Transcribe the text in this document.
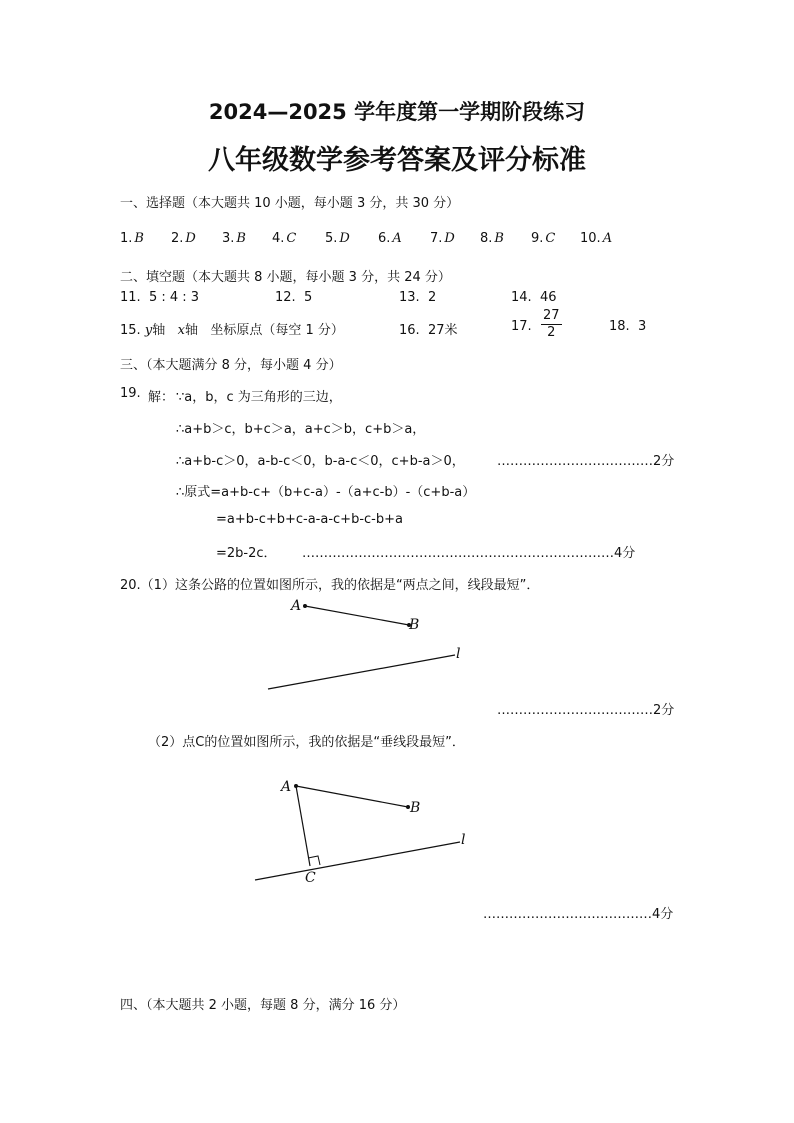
2024—2025 学年度第一学期阶段练习
八年级数学参考答案及评分标准
一、选择题（本大题共 10 小题，每小题 3 分，共 30 分）
1. B 2. D 3. B 4. C 5. D 6. A 7. D 8. B 9. C 10. A
二、填空题（本大题共 8 小题，每小题 3 分，共 24 分）
11. 5 : 4 : 3	12. 5	13. 2	14. 46
15. y轴 x轴 坐标原点（每空 1 分）	16. 27米	17. $\frac{27}{2}$	18. 3
三、（本大题满分 8 分，每小题 4 分）
19. 解： ∵a，b，c 为三角形的三边，
∴a+b＞c，b+c＞a，a+c＞b，c+b＞a，
∴a+b-c＞0，a-b-c＜0，b-a-c＜0，c+b-a＞0， ………………………………2分
∴原式=a+b-c+（b+c-a）-（a+c-b）-（c+b-a）
=a+b-c+b+c-a-a-c+b-c-b+a
=2b-2c． ………………………………………………………………4分
20.（1）这条公路的位置如图所示，我的依据是“两点之间，线段最短”．
A
B
l
………………………………2分
（2）点C的位置如图所示，我的依据是“垂线段最短”．
A
B
C
l
…………………………………4分
四、（本大题共 2 小题，每题 8 分，满分 16 分）
